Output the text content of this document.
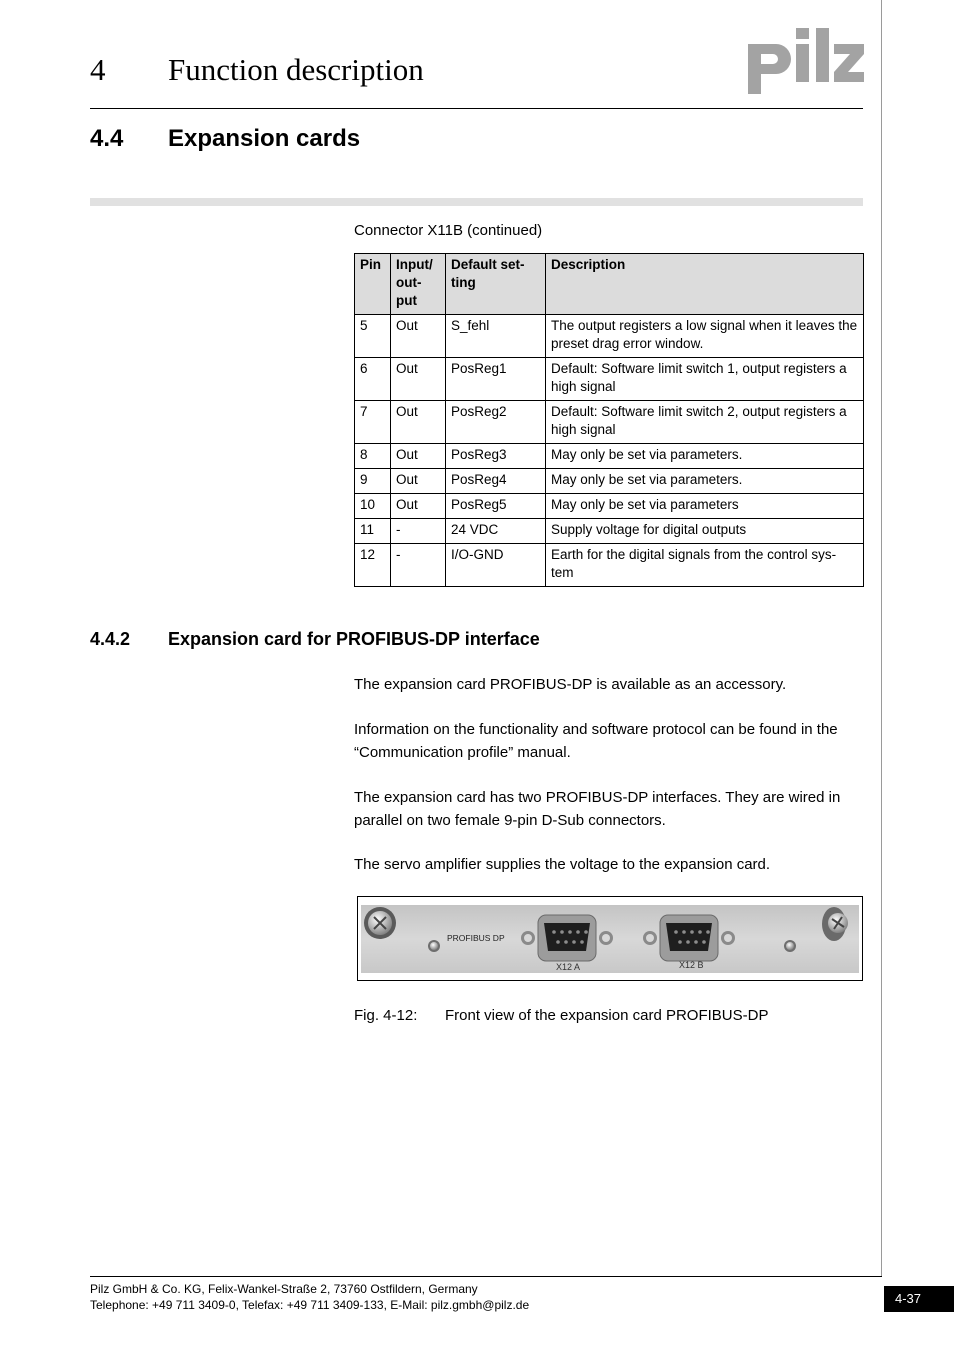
4 Function description
4.4 Expansion cards
Connector X11B (continued)
Pin	Input/ out- put	Default set- ting	Description
5	Out	S_fehl	The output registers a low signal when it leaves the preset drag error window.
6	Out	PosReg1	Default: Software limit switch 1, output registers a high signal
7	Out	PosReg2	Default: Software limit switch 2, output registers a high signal
8	Out	PosReg3	May only be set via parameters.
9	Out	PosReg4	May only be set via parameters.
10	Out	PosReg5	May only be set via parameters
11	-	24 VDC	Supply voltage for digital outputs
12	-	I/O-GND	Earth for the digital signals from the control sys- tem
4.4.2 Expansion card for PROFIBUS-DP interface
The expansion card PROFIBUS-DP is available as an accessory.
Information on the functionality and software protocol can be found in the “Communication profile” manual.
The expansion card has two PROFIBUS-DP interfaces. They are wired in parallel on two female 9-pin D-Sub connectors.
The servo amplifier supplies the voltage to the expansion card.
PROFIBUS DP
X12 A	X12 B
Fig. 4-12: Front view of the expansion card PROFIBUS-DP
Pilz GmbH & Co. KG, Felix-Wankel-Straße 2, 73760 Ostfildern, Germany
Telephone: +49 711 3409-0, Telefax: +49 711 3409-133, E-Mail: pilz.gmbh@pilz.de	4-37
